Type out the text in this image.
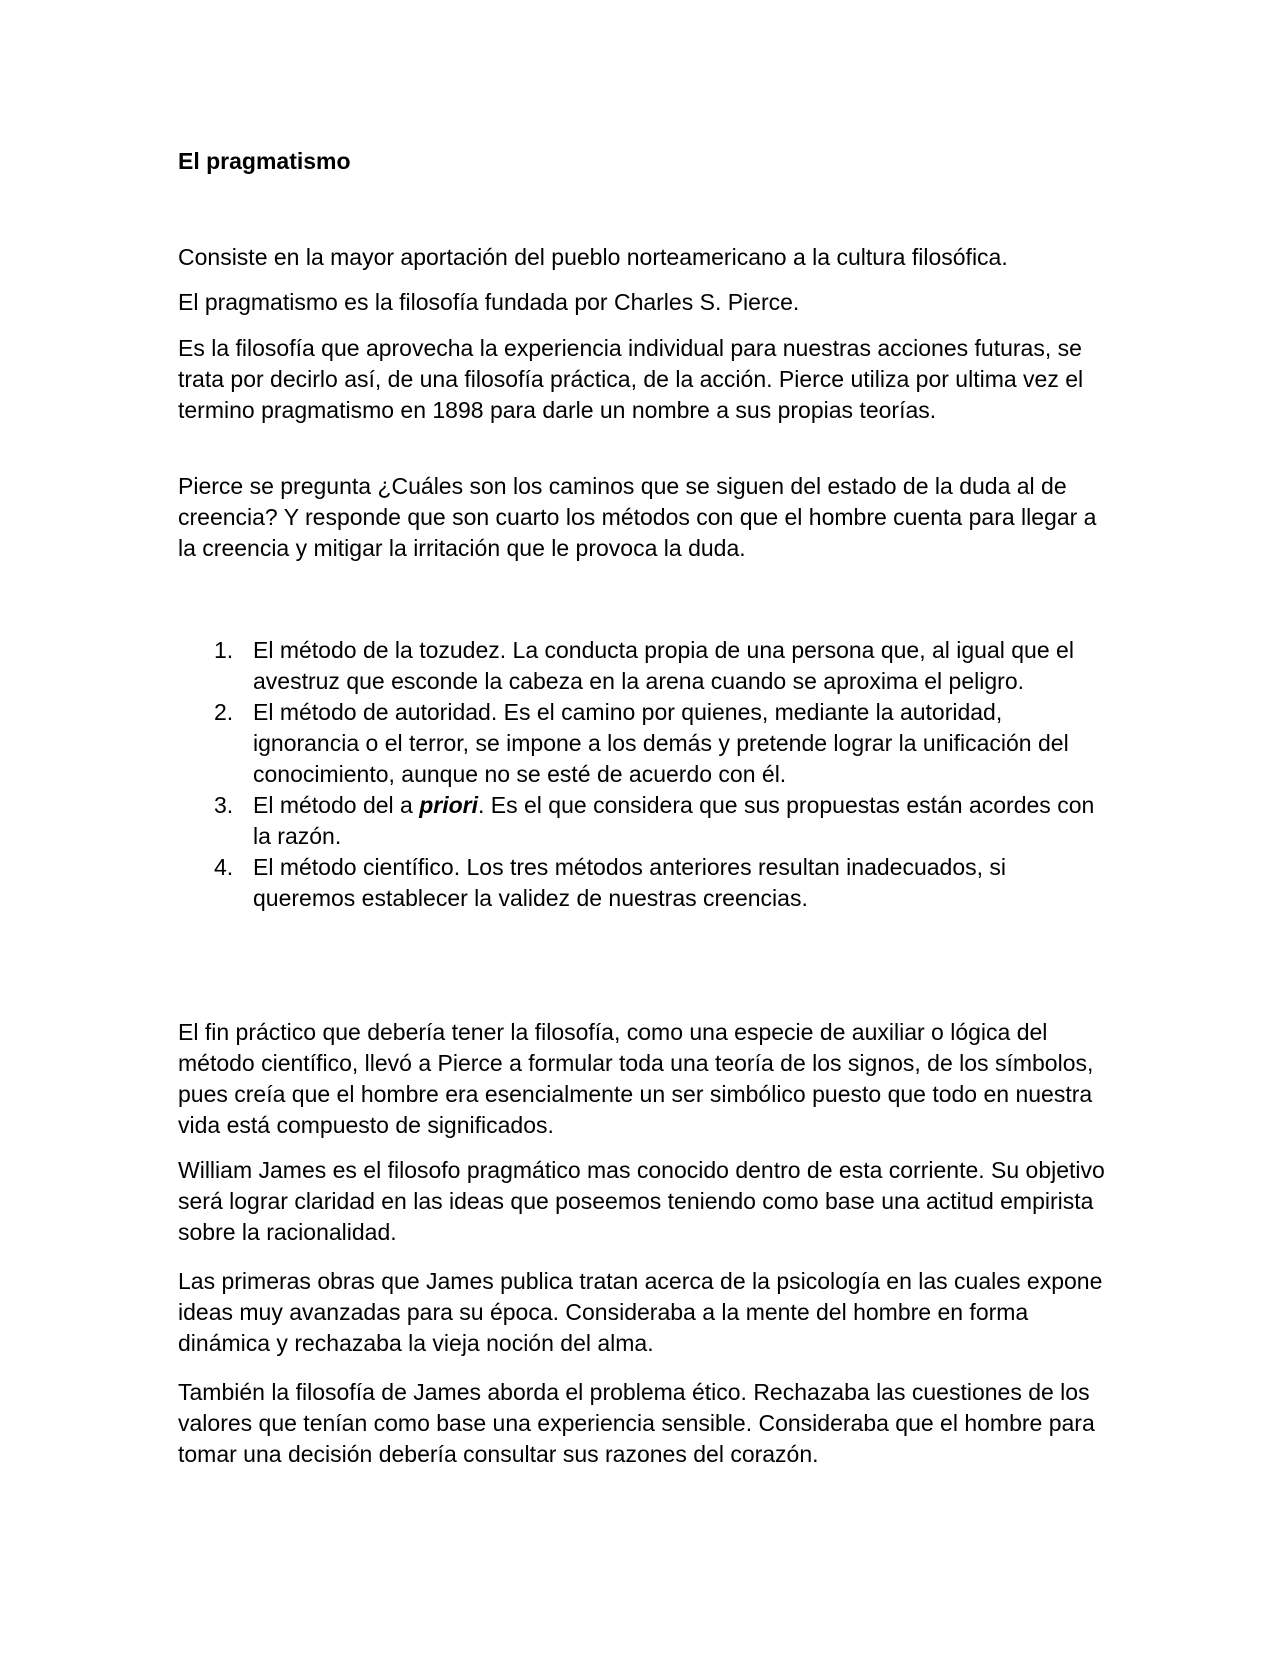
El pragmatismo

Consiste en la mayor aportación del pueblo norteamericano a la cultura filosófica.

El pragmatismo es la filosofía fundada por Charles S. Pierce.

Es la filosofía que aprovecha la experiencia individual para nuestras acciones futuras, se trata por decirlo así, de una filosofía práctica, de la acción. Pierce utiliza por ultima vez el termino pragmatismo en 1898 para darle un nombre a sus propias teorías.

Pierce se pregunta ¿Cuáles son los caminos que se siguen del estado de la duda al de creencia? Y responde que son cuarto los métodos con que el hombre cuenta para llegar a la creencia y mitigar la irritación que le provoca la duda.

1. El método de la tozudez. La conducta propia de una persona que, al igual que el avestruz que esconde la cabeza en la arena cuando se aproxima el peligro.
2. El método de autoridad. Es el camino por quienes, mediante la autoridad, ignorancia o el terror, se impone a los demás y pretende lograr la unificación del conocimiento, aunque no se esté de acuerdo con él.
3. El método del a priori. Es el que considera que sus propuestas están acordes con la razón.
4. El método científico. Los tres métodos anteriores resultan inadecuados, si queremos establecer la validez de nuestras creencias.

El fin práctico que debería tener la filosofía, como una especie de auxiliar o lógica del método científico, llevó a Pierce a formular toda una teoría de los signos, de los símbolos, pues creía que el hombre era esencialmente un ser simbólico puesto que todo en nuestra vida está compuesto de significados.

William James es el filosofo pragmático mas conocido dentro de esta corriente. Su objetivo será lograr claridad en las ideas que poseemos teniendo como base una actitud empirista sobre la racionalidad.

Las primeras obras que James publica tratan acerca de la psicología en las cuales expone ideas muy avanzadas para su época. Consideraba a la mente del hombre en forma dinámica y rechazaba la vieja noción del alma.

También la filosofía de James aborda el problema ético. Rechazaba las cuestiones de los valores que tenían como base una experiencia sensible. Consideraba que el hombre para tomar una decisión debería consultar sus razones del corazón.
